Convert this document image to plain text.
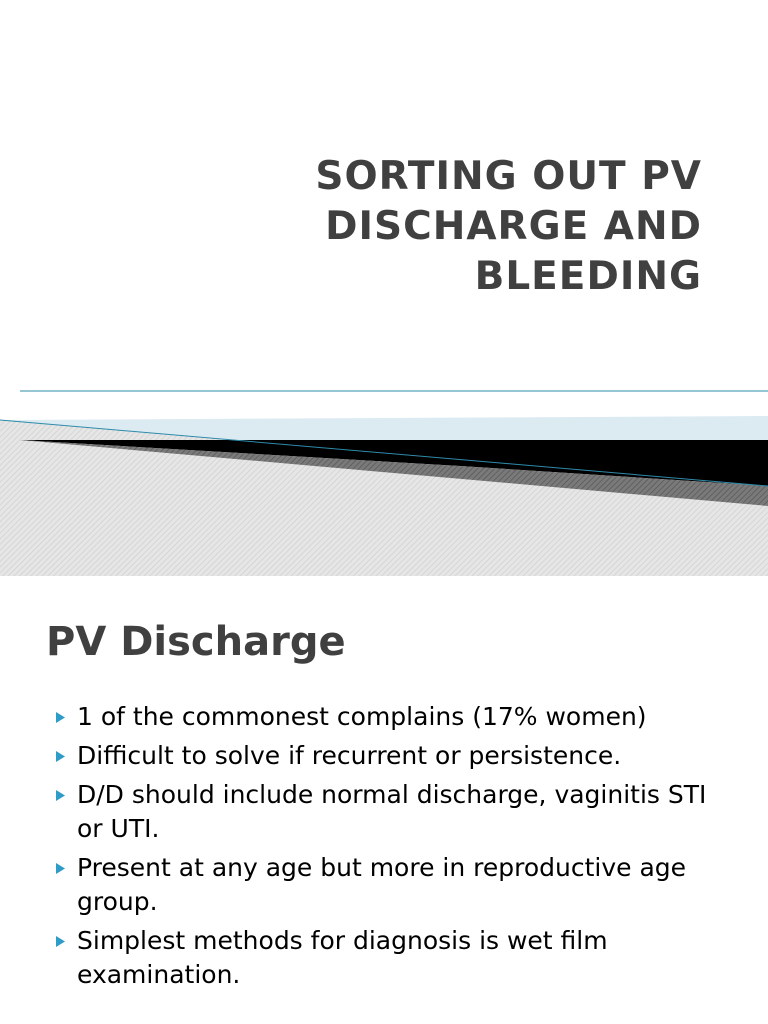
SORTING OUT PV
DISCHARGE AND
BLEEDING
PV Discharge
1 of the commonest complains (17% women)
Difficult to solve if recurrent or persistence.
D/D should include normal discharge, vaginitis STI or UTI.
Present at any age but more in reproductive age group.
Simplest methods for diagnosis is wet film examination.
